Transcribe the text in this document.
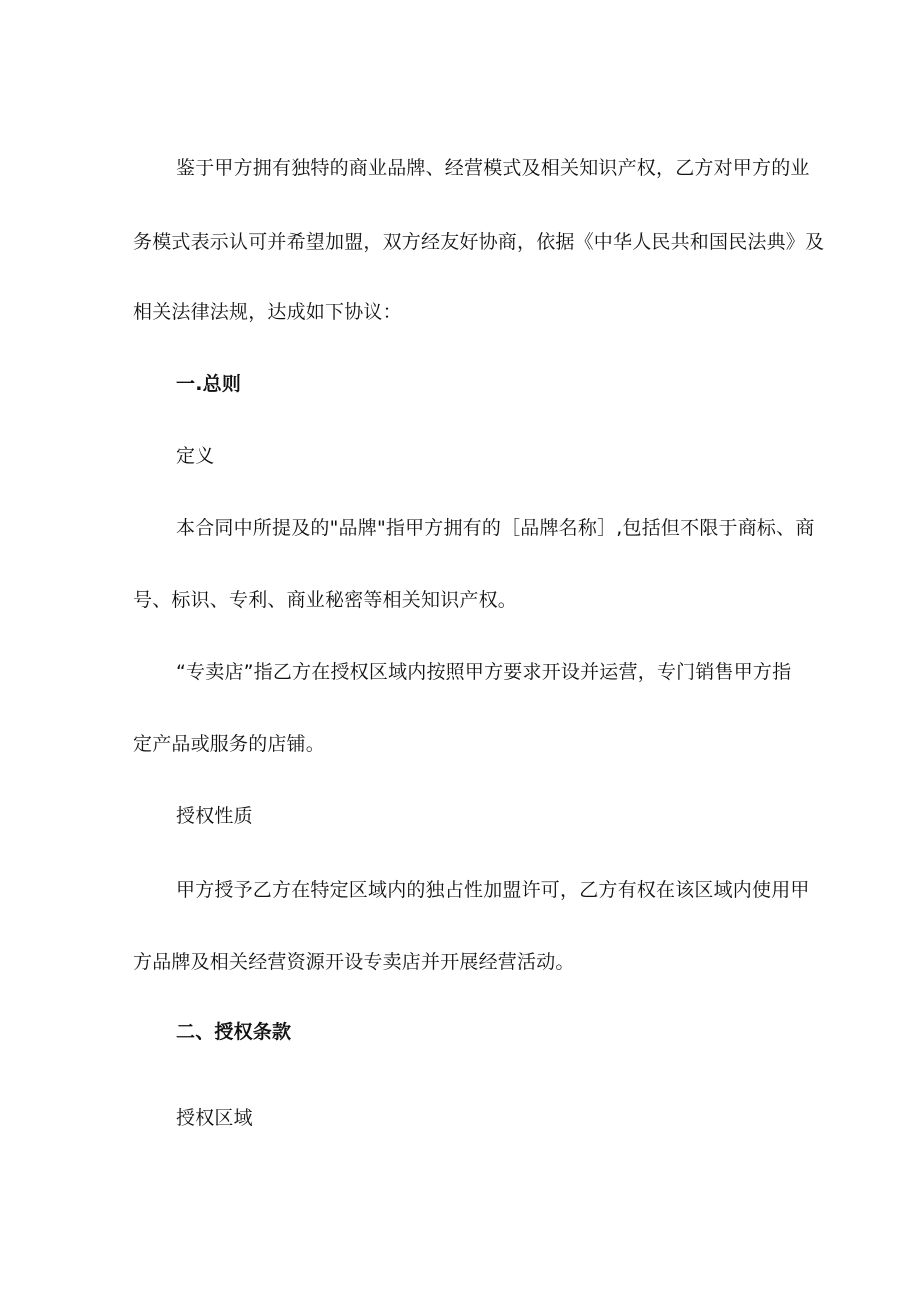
鉴于甲方拥有独特的商业品牌、经营模式及相关知识产权，乙方对甲方的业
务模式表示认可并希望加盟，双方经友好协商，依据《中华人民共和国民法典》及
相关法律法规，达成如下协议：
一.总则
定义
本合同中所提及的"品牌"指甲方拥有的［品牌名称］,包括但不限于商标、商
号、标识、专利、商业秘密等相关知识产权。
“专卖店”指乙方在授权区域内按照甲方要求开设并运营，专门销售甲方指
定产品或服务的店铺。
授权性质
甲方授予乙方在特定区域内的独占性加盟许可，乙方有权在该区域内使用甲
方品牌及相关经营资源开设专卖店并开展经营活动。
二、授权条款
授权区域
